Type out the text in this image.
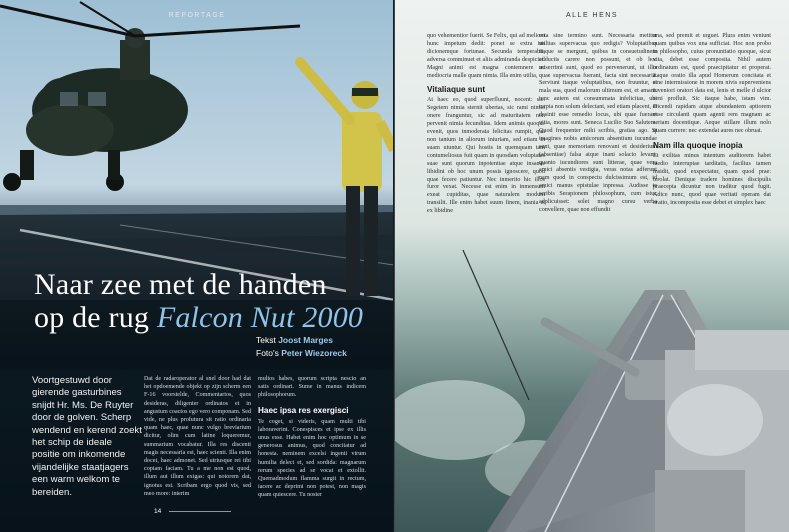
REPORTAGE
Naar zee met de handen
op de rug Falcon Nut 2000
Tekst Joost Marges
Foto's Peter Wiezoreck
Voortgestuwd door gierende gasturbines snijdt Hr. Ms. De Ruyter door de golven. Scherp wendend en kerend zoekt het schip de ideale positie om inkomende vijandelijke staatjagers een warm welkom te bereiden.
Dat de radaroperator al snel door had dat het opdoemende objekt op zijn scherm een F-16 voorstelde, Commentarios, quos desideras, diligenter ordinatos et in angustum coactos ego vero componam. Sed vide, ne plus profutura sit ratio ordinaria quam haec, quae nunc vulgo breviarium dicitur, olim cum latine loqueremur, summarium vocabatur. Illa res discenti magis necessaria est, haec scienti. Illa enim docet, haec admonet. Sed utriusque rei tibi copiam faciam. Tu a me non est quod, illum aut illum exigas: qui notorem dat, ignotus est. Scribam ergo quod vis, sed meo more: interim
multos habes, quorum scripta nescio an satis ordinari. Sume in manus indicem philosophorum.
Haec ipsa res exergisci
Te coget, si videris, quam multi tibi laboraverint. Conespisces et ipse ex illis unus esse. Habet enim hoc optimum in se generosus animus, quod concitatur ad honesta. neminem excelsi ingenii virum humilia delect et, sed sordida: magnarum rerum species ad se vocat et extollit. Quemadmodum flamma surgit in rectum, iacere ac deprimi non potest, non magis quam quiescere. Tu noster
14
ALLE HENS
quo vehementior fuerit. Se Felix, qui ad meliora hunc impetum dedit: ponet se extra ius dicionemque fortunae. Secunda temperabit, adversa comminuet et aliis admiranda despiciet. Magni animi est magna contemnere ac mediocria malle quam nimia. Illa enim utilia,
Vitaliaque sunt
At haec eo, quod superfluunt, nocent: sic. Segetem nimia sternit ubertas, sic rami nimio onere franguntur, sic ad maturitatem non pervenit nimia fecunditas. Idem animis quoque evenit, quos inmoderata felicitas rumpit, qua non tantum in aliorum iniuriam, sed etiam in suam utuntur. Qui hostis in quemquam tam contumeliosus fuit quam in quosdam voluptates suae sunt quorum inpotentiae atque insanae libidini ob hoc unum possis ignoscere, quod quae fecere patiuntur. Nec inmerito hic illos furor vexat. Necesse est enim in inmensum exeat cupiditas, quae naturalem modum transilit. Ille enim habet suum finem, inania et ex libidine
orta sine termino sunt. Necessaria metitur utilitas supervacua quo redigis? Voluptatibus itaque se mergunt, quibus in consuetudinem adductis carere non possunt, et ob hoc miserrimi sunt, quod eo pervenerunt, ut illis quae supervacua fuerant, facta sint necessaria. Serviunt itaque voluptatibus, non fruuntur, et mala sua, quod malorum ultimum est, et amant. tunc autem est consummata infelicitas, ubi turpia non solum delectant, sed etiam placent, et desinit esse remedio locus, ubi quae fuerant vitia, mores sunt. Seneca Lucilio Suo Salutem. Quod frequenter mihi scribis, gratias ago. Si imagines nobis amicorum absentium iucundae sunt, quae memoriam renovant et desiderium (absentiae) falsa atque inani solacio levant: quanto iucundiores sunt litterae, quae vera amici absentis vestigia, veras notas adferunt nam quod in conspectu dulcissimum est, id amici manus epistulae inpressa. Audisse te scribis Serapionem philosophum, cum istuc adplicuisset: solet magno cursu verba convellere, quae non effundit
una, sed premit et urguet. Plura enim veniunt quam quibus vox una sufficiat. Hoc non probo in philosopho, cuius pronuntiatio quoque, sicut vita, debet esse composita. Nihil autem ordinatum est, quod praecipitatur et properat. Itaque oratio illa apud Homerum concitata et sine intermissione in morem nivis superveniens iuveniori oratori data est, lenis et melle d ulcior seni profluit. Sic itaque habe, istam vim. Dicendi rapidam atque abundantem aptiorem esse circulanti quam agenti rem magnam ac seriam docentique. Aeque stillare illum nolo quam currere: nec extendat aures nec obruat.
Nam illa quoque inopia
Et exilitas minus intentum auditorem habet taedio interruptae tarditatis, facilius tamen insidit, quod exspectatur, quam quod prae: terolat. Denique tradere homines discipulis praecepta dicuntur non traditur quod fugit. Adice nunc, quod quae veritati operam dat oratio, incomposita esse debet et simplex haec
